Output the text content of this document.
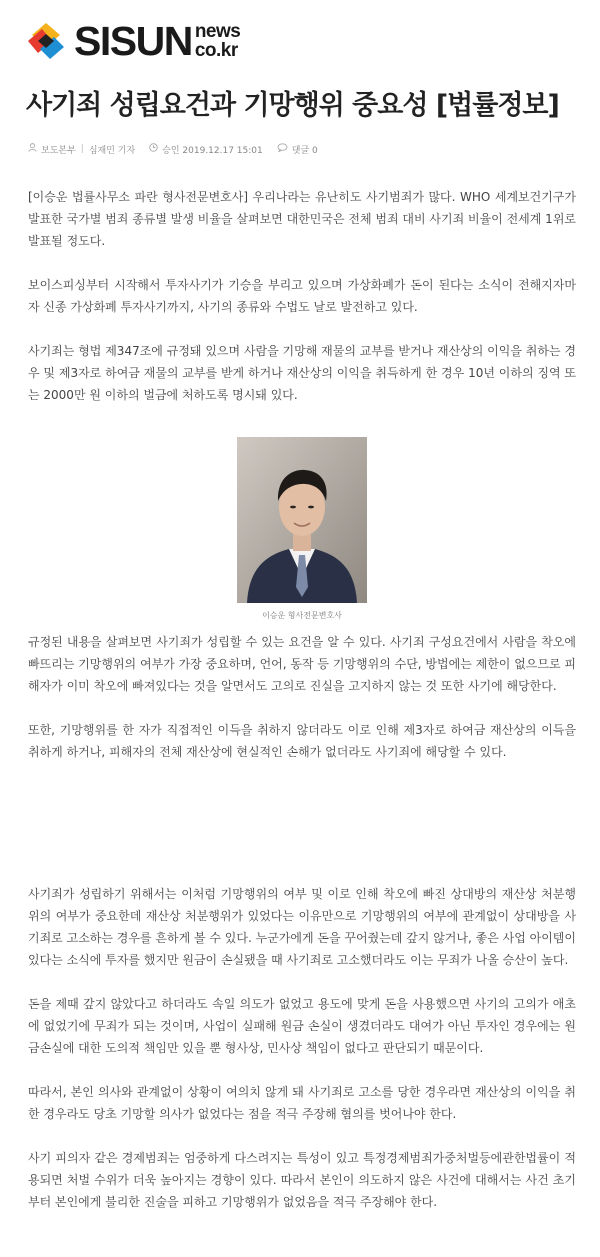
SISUN news
co.kr
사기죄 성립요건과 기망행위 중요성 [법률정보]
보도본부 | 심재민 기자	승인 2019.12.17 15:01	댓글 0

[이승운 법률사무소 파란 형사전문변호사] 우리나라는 유난히도 사기범죄가 많다. WHO 세계보건기구가 발표한 국가별 범죄 종류별 발생 비율을 살펴보면 대한민국은 전체 범죄 대비 사기죄 비율이 전세계 1위로 발표될 정도다.

보이스피싱부터 시작해서 투자사기가 기승을 부리고 있으며 가상화폐가 돈이 된다는 소식이 전해지자마자 신종 가상화폐 투자사기까지, 사기의 종류와 수법도 날로 발전하고 있다.

사기죄는 형법 제347조에 규정돼 있으며 사람을 기망해 재물의 교부를 받거나 재산상의 이익을 취하는 경우 및 제3자로 하여금 재물의 교부를 받게 하거나 재산상의 이익을 취득하게 한 경우 10년 이하의 징역 또는 2000만 원 이하의 벌금에 처하도록 명시돼 있다.

이승운 형사전문변호사

규정된 내용을 살펴보면 사기죄가 성립할 수 있는 요건을 알 수 있다. 사기죄 구성요건에서 사람을 착오에 빠뜨리는 기망행위의 여부가 가장 중요하며, 언어, 동작 등 기망행위의 수단, 방법에는 제한이 없으므로 피해자가 이미 착오에 빠져있다는 것을 알면서도 고의로 진실을 고지하지 않는 것 또한 사기에 해당한다.

또한, 기망행위를 한 자가 직접적인 이득을 취하지 않더라도 이로 인해 제3자로 하여금 재산상의 이득을 취하게 하거나, 피해자의 전체 재산상에 현실적인 손해가 없더라도 사기죄에 해당할 수 있다.

사기죄가 성립하기 위해서는 이처럼 기망행위의 여부 및 이로 인해 착오에 빠진 상대방의 재산상 처분행위의 여부가 중요한데 재산상 처분행위가 있었다는 이유만으로 기망행위의 여부에 관계없이 상대방을 사기죄로 고소하는 경우를 흔하게 볼 수 있다. 누군가에게 돈을 꾸어줬는데 갚지 않거나, 좋은 사업 아이템이 있다는 소식에 투자를 했지만 원금이 손실됐을 때 사기죄로 고소했더라도 이는 무죄가 나올 승산이 높다.

돈을 제때 갚지 않았다고 하더라도 속일 의도가 없었고 용도에 맞게 돈을 사용했으면 사기의 고의가 애초에 없었기에 무죄가 되는 것이며, 사업이 실패해 원금 손실이 생겼더라도 대여가 아닌 투자인 경우에는 원금손실에 대한 도의적 책임만 있을 뿐 형사상, 민사상 책임이 없다고 판단되기 때문이다.

따라서, 본인 의사와 관계없이 상황이 여의치 않게 돼 사기죄로 고소를 당한 경우라면 재산상의 이익을 취한 경우라도 당초 기망할 의사가 없었다는 점을 적극 주장해 혐의를 벗어나야 한다.

사기 피의자 같은 경제범죄는 엄중하게 다스려지는 특성이 있고 특정경제범죄가중처벌등에관한법률이 적용되면 처벌 수위가 더욱 높아지는 경향이 있다. 따라서 본인이 의도하지 않은 사건에 대해서는 사건 초기부터 본인에게 불리한 진술을 피하고 기망행위가 없었음을 적극 주장해야 한다.
